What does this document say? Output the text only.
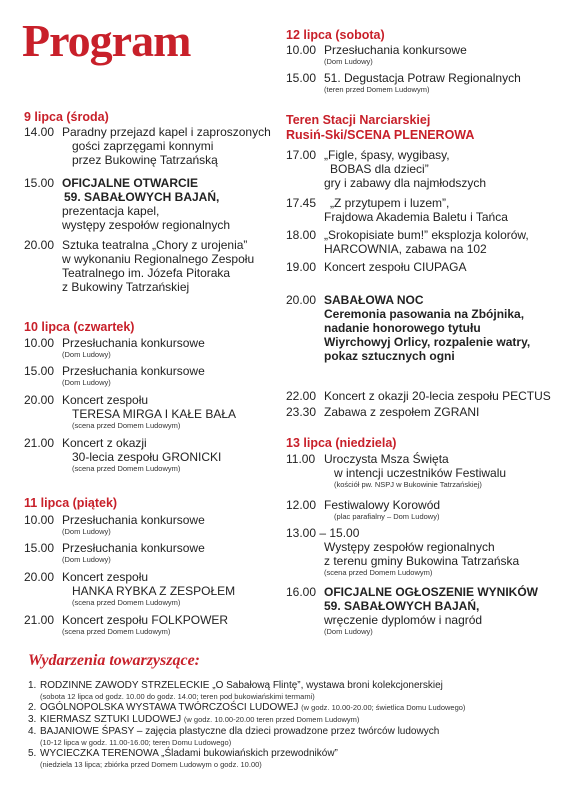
Program
9 lipca (środa)
14.00 Paradny przejazd kapel i zaproszonych
gości zaprzęgami konnymi
przez Bukowinę Tatrzańską
15.00 OFICJALNE OTWARCIE
59. SABAŁOWYCH BAJAŃ,
prezentacja kapel,
występy zespołów regionalnych
20.00 Sztuka teatralna „Chory z urojenia”
w wykonaniu Regionalnego Zespołu
Teatralnego im. Józefa Pitoraka
z Bukowiny Tatrzańskiej
10 lipca (czwartek)
10.00 Przesłuchania konkursowe
(Dom Ludowy)
15.00 Przesłuchania konkursowe
(Dom Ludowy)
20.00 Koncert zespołu
TERESA MIRGA I KAŁE BAŁA
(scena przed Domem Ludowym)
21.00 Koncert z okazji
30-lecia zespołu GRONICKI
(scena przed Domem Ludowym)
11 lipca (piątek)
10.00 Przesłuchania konkursowe
(Dom Ludowy)
15.00 Przesłuchania konkursowe
(Dom Ludowy)
20.00 Koncert zespołu
HANKA RYBKA Z ZESPOŁEM
(scena przed Domem Ludowym)
21.00 Koncert zespołu FOLKPOWER
(scena przed Domem Ludowym)
12 lipca (sobota)
10.00 Przesłuchania konkursowe
(Dom Ludowy)
15.00 51. Degustacja Potraw Regionalnych
(teren przed Domem Ludowym)
Teren Stacji Narciarskiej
Rusiń-Ski/SCENA PLENEROWA
17.00 „Figle, śpasy, wygibasy,
BOBAS dla dzieci”
gry i zabawy dla najmłodszych
17.45	„Z przytupem i luzem”,
Frajdowa Akademia Baletu i Tańca
18.00 „Srokopisiate bum!” eksplozja kolorów,
HARCOWNIA, zabawa na 102
19.00 Koncert zespołu CIUPAGA
20.00 SABAŁOWA NOC
Ceremonia pasowania na Zbójnika,
nadanie honorowego tytułu
Wiyrchowyj Orlicy, rozpalenie watry,
pokaz sztucznych ogni
22.00 Koncert z okazji 20-lecia zespołu PECTUS
23.30 Zabawa z zespołem ZGRANI
13 lipca (niedziela)
11.00 Uroczysta Msza Święta
w intencji uczestników Festiwalu
(kościół pw. NSPJ w Bukowinie Tatrzańskiej)
12.00 Festiwalowy Korowód
(plac parafialny – Dom Ludowy)
13.00 – 15.00
Występy zespołów regionalnych
z terenu gminy Bukowina Tatrzańska
(scena przed Domem Ludowym)
16.00 OFICJALNE OGŁOSZENIE WYNIKÓW
59. SABAŁOWYCH BAJAŃ,
wręczenie dyplomów i nagród
(Dom Ludowy)
Wydarzenia towarzyszące:
1. RODZINNE ZAWODY STRZELECKIE „O Sabałową Flintę”, wystawa broni kolekcjonerskiej
(sobota 12 lipca od godz. 10.00 do godz. 14.00; teren pod bukowiańskimi termami)
2. OGÓLNOPOLSKA WYSTAWA TWÓRCZOŚCI LUDOWEJ (w godz. 10.00-20.00; świetlica Domu Ludowego)
3. KIERMASZ SZTUKI LUDOWEJ (w godz. 10.00-20.00 teren przed Domem Ludowym)
4. BAJANIOWE ŚPASY – zajęcia plastyczne dla dzieci prowadzone przez twórców ludowych
(10-12 lipca w godz. 11.00-16.00; teren Domu Ludowego)
5. WYCIECZKA TERENOWA „Śladami bukowiańskich przewodników”
(niedziela 13 lipca; zbiórka przed Domem Ludowym o godz. 10.00)
